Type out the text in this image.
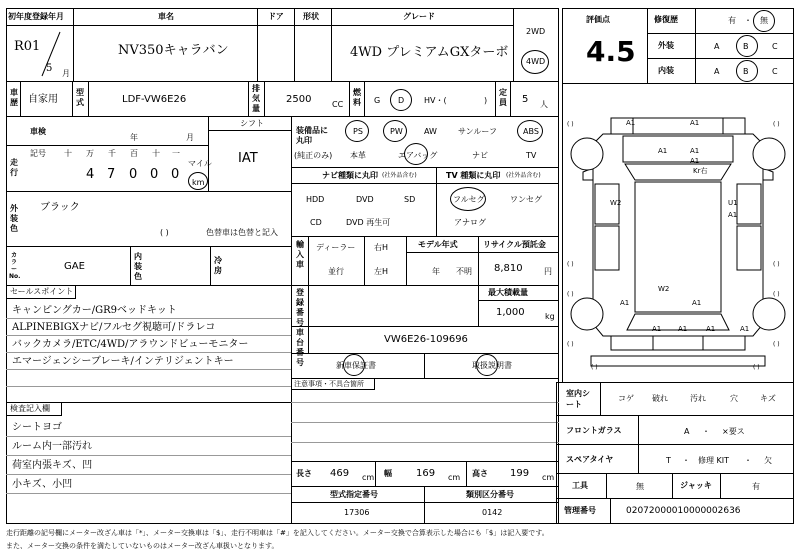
初年度登録年月
R01
5 月
車名
NV350キャラバン
ドア 形状	グレード
4WD プレミアムGXターボ
2WD
4WD
車歴 自家用
型式	LDF-VW6E26
排気量
2500	CC
燃料 G D HV・(	)
定員 5 人
車検
年	月
シフト
IAT
走行
記号 十 万 千 百 十 一
4 7 0 0 0
マイル
km
外装色
ブラック
( )	色替車は色替と記入
カラーNo.
GAE
内装色
冷房
セールスポイント
キャンピングカー/GR9ベッドキット
ALPINEBIGXナビ/フルセグ視聴可/ドラレコ
バックカメラ/ETC/4WD/アラウンドビューモニター
エマージェンシーブレーキ/インテリジェントキー
検査記入欄
シートヨゴ
ルーム内一部汚れ
荷室内張キズ、凹
小キズ、小凹
装備品に丸印
(純正のみ)
PS	PW	AW	サンルーフ	ABS
本革	エアバッグ	ナビ	TV
ナビ種類に丸印 (社外品含む)
HDD	DVD	SD
CD	DVD 再生可
TV 種類に丸印 (社外品含む)
フルセグ	ワンセグ
アナログ
輸入車
ディーラー
並行
右H
左H
モデル年式
年 不明
リサイクル預託金
8,810	円
登録番号
最大積載量
1,000	kg
車台番号
VW6E26-109696
新車保証書	取扱説明書
注意事項・不具合箇所
長さ 469 cm 幅 169 cm 高さ 199 cm
型式指定番号
17306
類別区分番号
0142
評価点
4.5
修復歴	有 ・ 無
外装	A	B	C
内装	A	B	C
( )	( )
( )	( )
( )	( )
( )	( )
( )	( )
A1	A1
A1	A1
A1
W2	U1
A1
W2
A1	A1
A1 A1	A1
Kr右
A1
室内シート
コゲ 破れ	汚れ	穴	キズ
フロントガラス	A ・ ×要ス
スペアタイヤ	T ・ 修理 KIT ・ 欠
工具	無	ジャッキ	有
管理番号	02072000010000002636
走行距離の記号欄にメーター改ざん車は「*」、メーター交換車は「$」、走行不明車は「#」を記入してください。メーター交換で合算表示した場合にも「$」は記入要です。
また、メーター交換の条件を満たしていないものはメーター改ざん車扱いとなります。
